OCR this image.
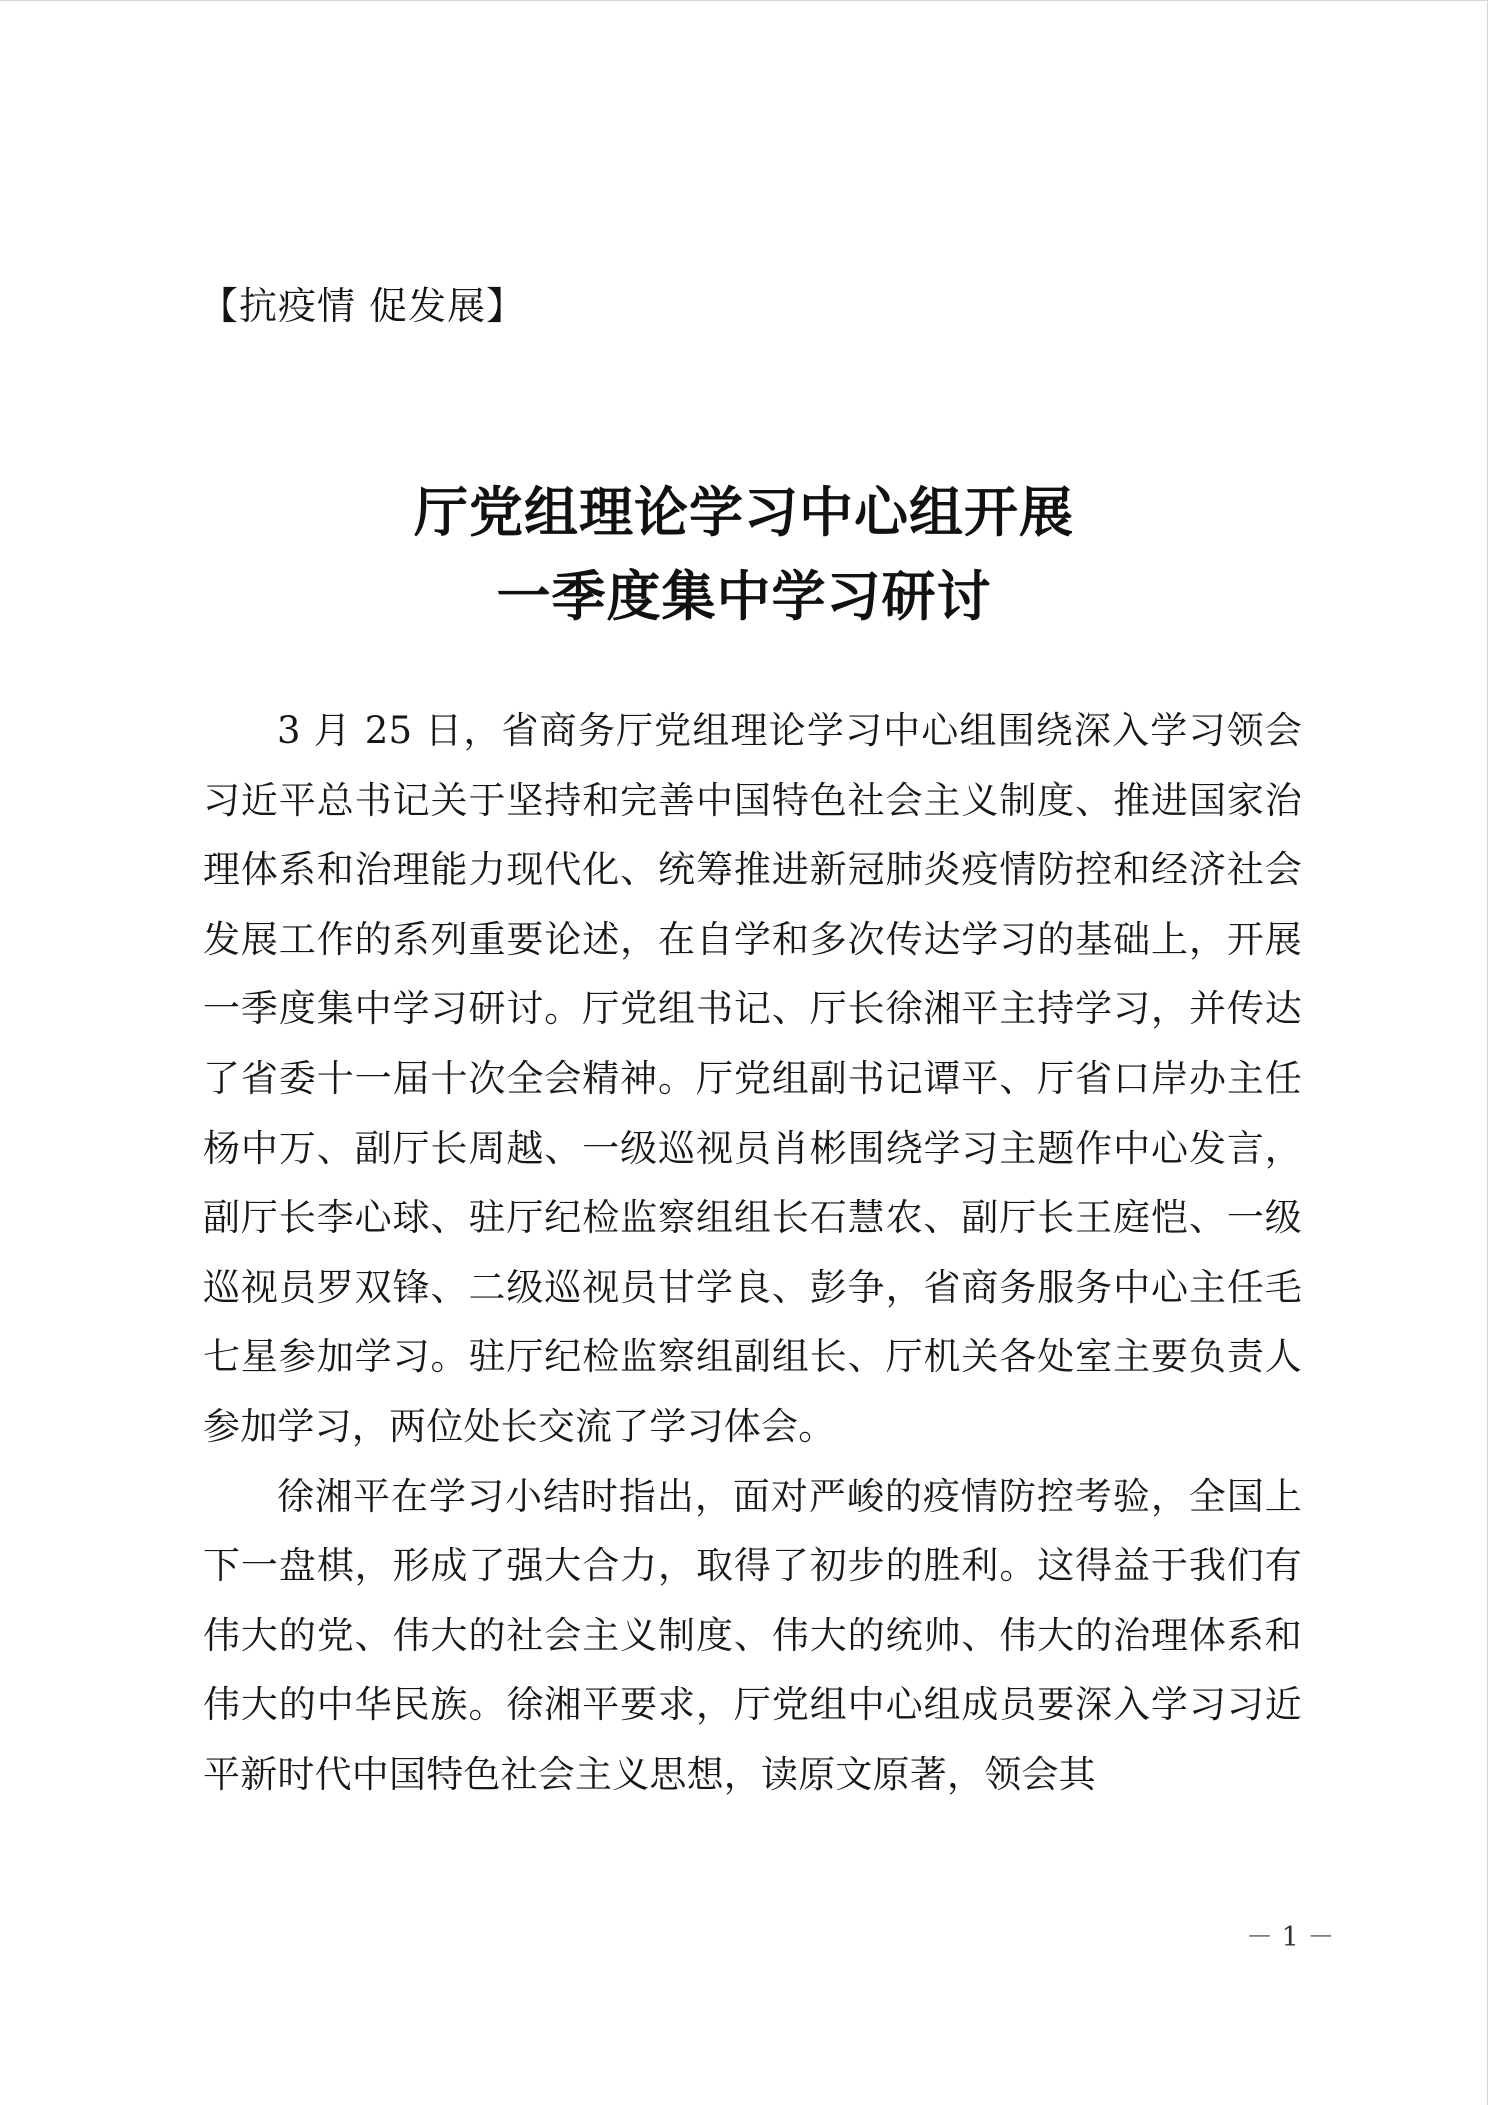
【抗疫情 促发展】
厅党组理论学习中心组开展
一季度集中学习研讨

3 月 25 日，省商务厅党组理论学习中心组围绕深入学习领会习近平总书记关于坚持和完善中国特色社会主义制度、推进国家治理体系和治理能力现代化、统筹推进新冠肺炎疫情防控和经济社会发展工作的系列重要论述，在自学和多次传达学习的基础上，开展一季度集中学习研讨。厅党组书记、厅长徐湘平主持学习，并传达了省委十一届十次全会精神。厅党组副书记谭平、厅省口岸办主任杨中万、副厅长周越、一级巡视员肖彬围绕学习主题作中心发言，副厅长李心球、驻厅纪检监察组组长石慧农、副厅长王庭恺、一级巡视员罗双锋、二级巡视员甘学良、彭争，省商务服务中心主任毛七星参加学习。驻厅纪检监察组副组长、厅机关各处室主要负责人参加学习，两位处长交流了学习体会。

徐湘平在学习小结时指出，面对严峻的疫情防控考验，全国上下一盘棋，形成了强大合力，取得了初步的胜利。这得益于我们有伟大的党、伟大的社会主义制度、伟大的统帅、伟大的治理体系和伟大的中华民族。徐湘平要求，厅党组中心组成员要深入学习习近平新时代中国特色社会主义思想，读原文原著，领会其

－ 1 －
